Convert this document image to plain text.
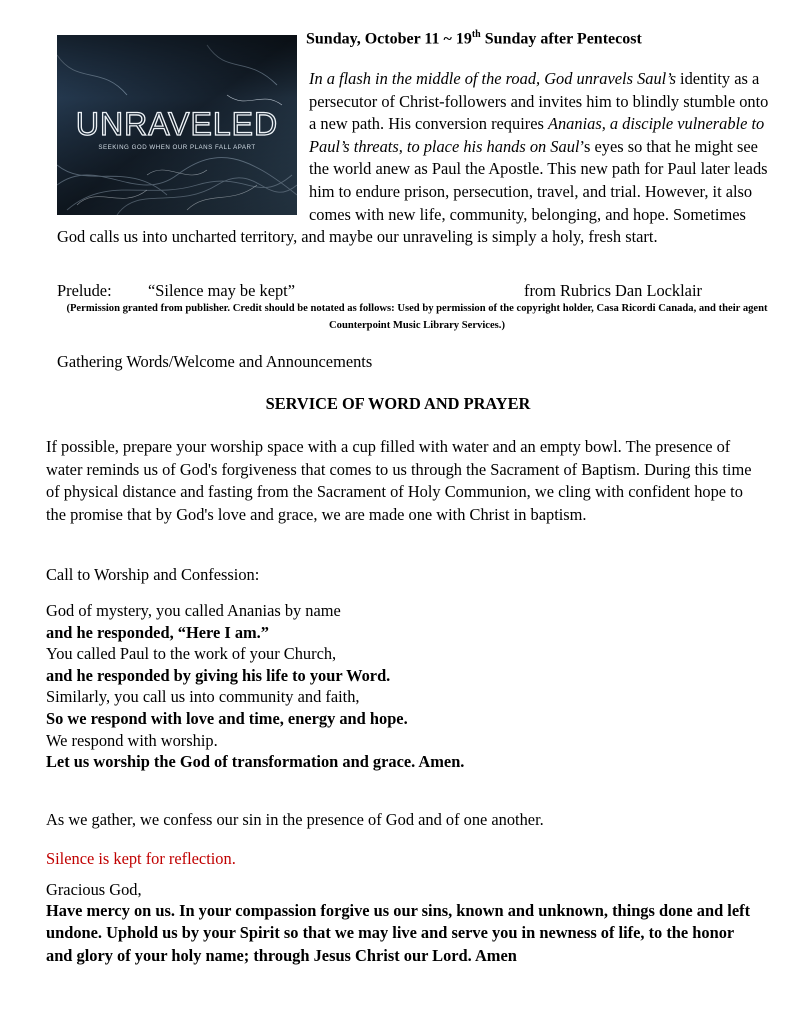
UNRAVELED
SEEKING GOD WHEN OUR PLANS FALL APART
Sunday, October 11 ~ 19th Sunday after Pentecost
In a flash in the middle of the road, God unravels Saul’s identity as a persecutor of Christ-followers and invites him to blindly stumble onto a new path. His conversion requires Ananias, a disciple vulnerable to Paul’s threats, to place his hands on Saul’s eyes so that he might see the world anew as Paul the Apostle. This new path for Paul later leads him to endure prison, persecution, travel, and trial. However, it also comes with new life, community, belonging, and hope. Sometimes God calls us into uncharted territory, and maybe our unraveling is simply a holy, fresh start.
Prelude: “Silence may be kept”	from Rubrics Dan Locklair
(Permission granted from publisher. Credit should be notated as follows: Used by permission of the copyright holder, Casa Ricordi Canada, and their agent Counterpoint Music Library Services.)
Gathering Words/Welcome and Announcements
SERVICE OF WORD AND PRAYER
If possible, prepare your worship space with a cup filled with water and an empty bowl. The presence of water reminds us of God's forgiveness that comes to us through the Sacrament of Baptism. During this time of physical distance and fasting from the Sacrament of Holy Communion, we cling with confident hope to the promise that by God's love and grace, we are made one with Christ in baptism.
Call to Worship and Confession:
God of mystery, you called Ananias by name
and he responded, “Here I am.”
You called Paul to the work of your Church,
and he responded by giving his life to your Word.
Similarly, you call us into community and faith,
So we respond with love and time, energy and hope.
We respond with worship.
Let us worship the God of transformation and grace. Amen.
As we gather, we confess our sin in the presence of God and of one another.
Silence is kept for reflection.
Gracious God,
Have mercy on us. In your compassion forgive us our sins, known and unknown, things done and left undone. Uphold us by your Spirit so that we may live and serve you in newness of life, to the honor and glory of your holy name; through Jesus Christ our Lord. Amen
